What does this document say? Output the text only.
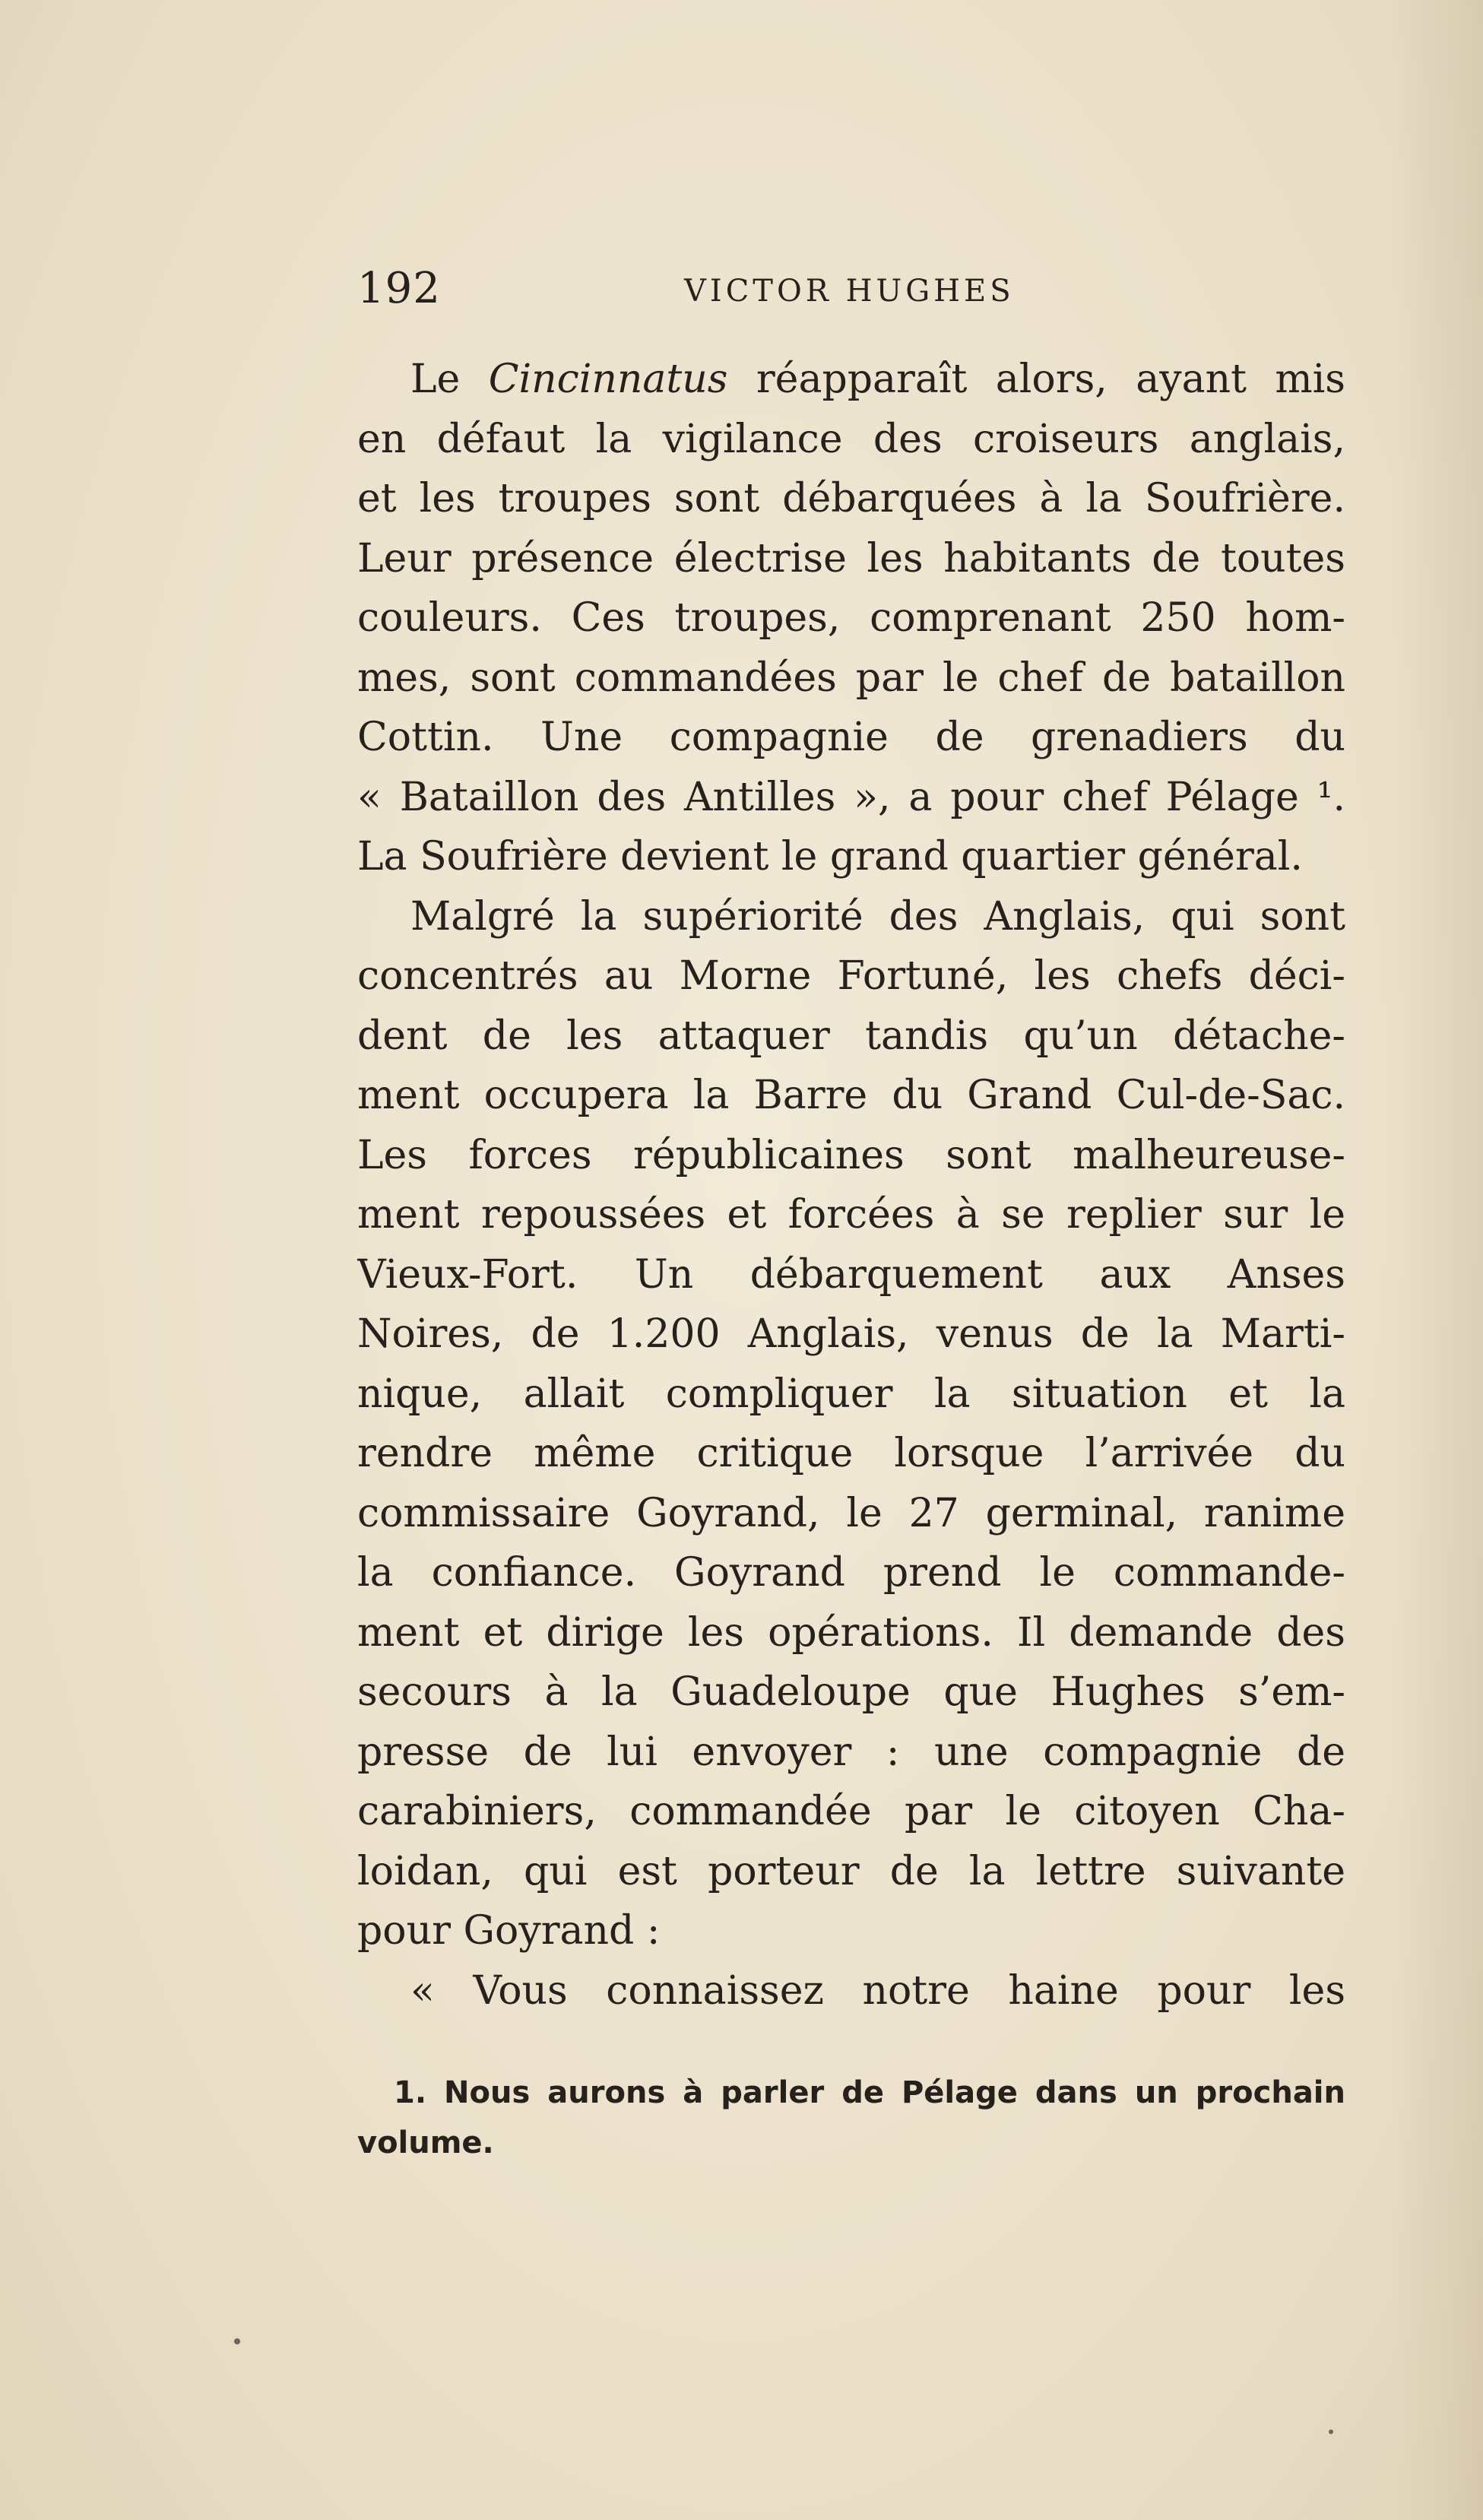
192	VICTOR HUGHES
Le Cincinnatus réapparaît alors, ayant mis
en défaut la vigilance des croiseurs anglais,
et les troupes sont débarquées à la Soufrière.
Leur présence électrise les habitants de toutes
couleurs. Ces troupes, comprenant 250 hom-
mes, sont commandées par le chef de bataillon
Cottin. Une compagnie de grenadiers du
« Bataillon des Antilles », a pour chef Pélage ¹.
La Soufrière devient le grand quartier général.
Malgré la supériorité des Anglais, qui sont
concentrés au Morne Fortuné, les chefs déci-
dent de les attaquer tandis qu’un détache-
ment occupera la Barre du Grand Cul-de-Sac.
Les forces républicaines sont malheureuse-
ment repoussées et forcées à se replier sur le
Vieux-Fort. Un débarquement aux Anses
Noires, de 1.200 Anglais, venus de la Marti-
nique, allait compliquer la situation et la
rendre même critique lorsque l’arrivée du
commissaire Goyrand, le 27 germinal, ranime
la confiance. Goyrand prend le commande-
ment et dirige les opérations. Il demande des
secours à la Guadeloupe que Hughes s’em-
presse de lui envoyer : une compagnie de
carabiniers, commandée par le citoyen Cha-
loidan, qui est porteur de la lettre suivante
pour Goyrand :
« Vous connaissez notre haine pour les
1. Nous aurons à parler de Pélage dans un prochain
volume.
